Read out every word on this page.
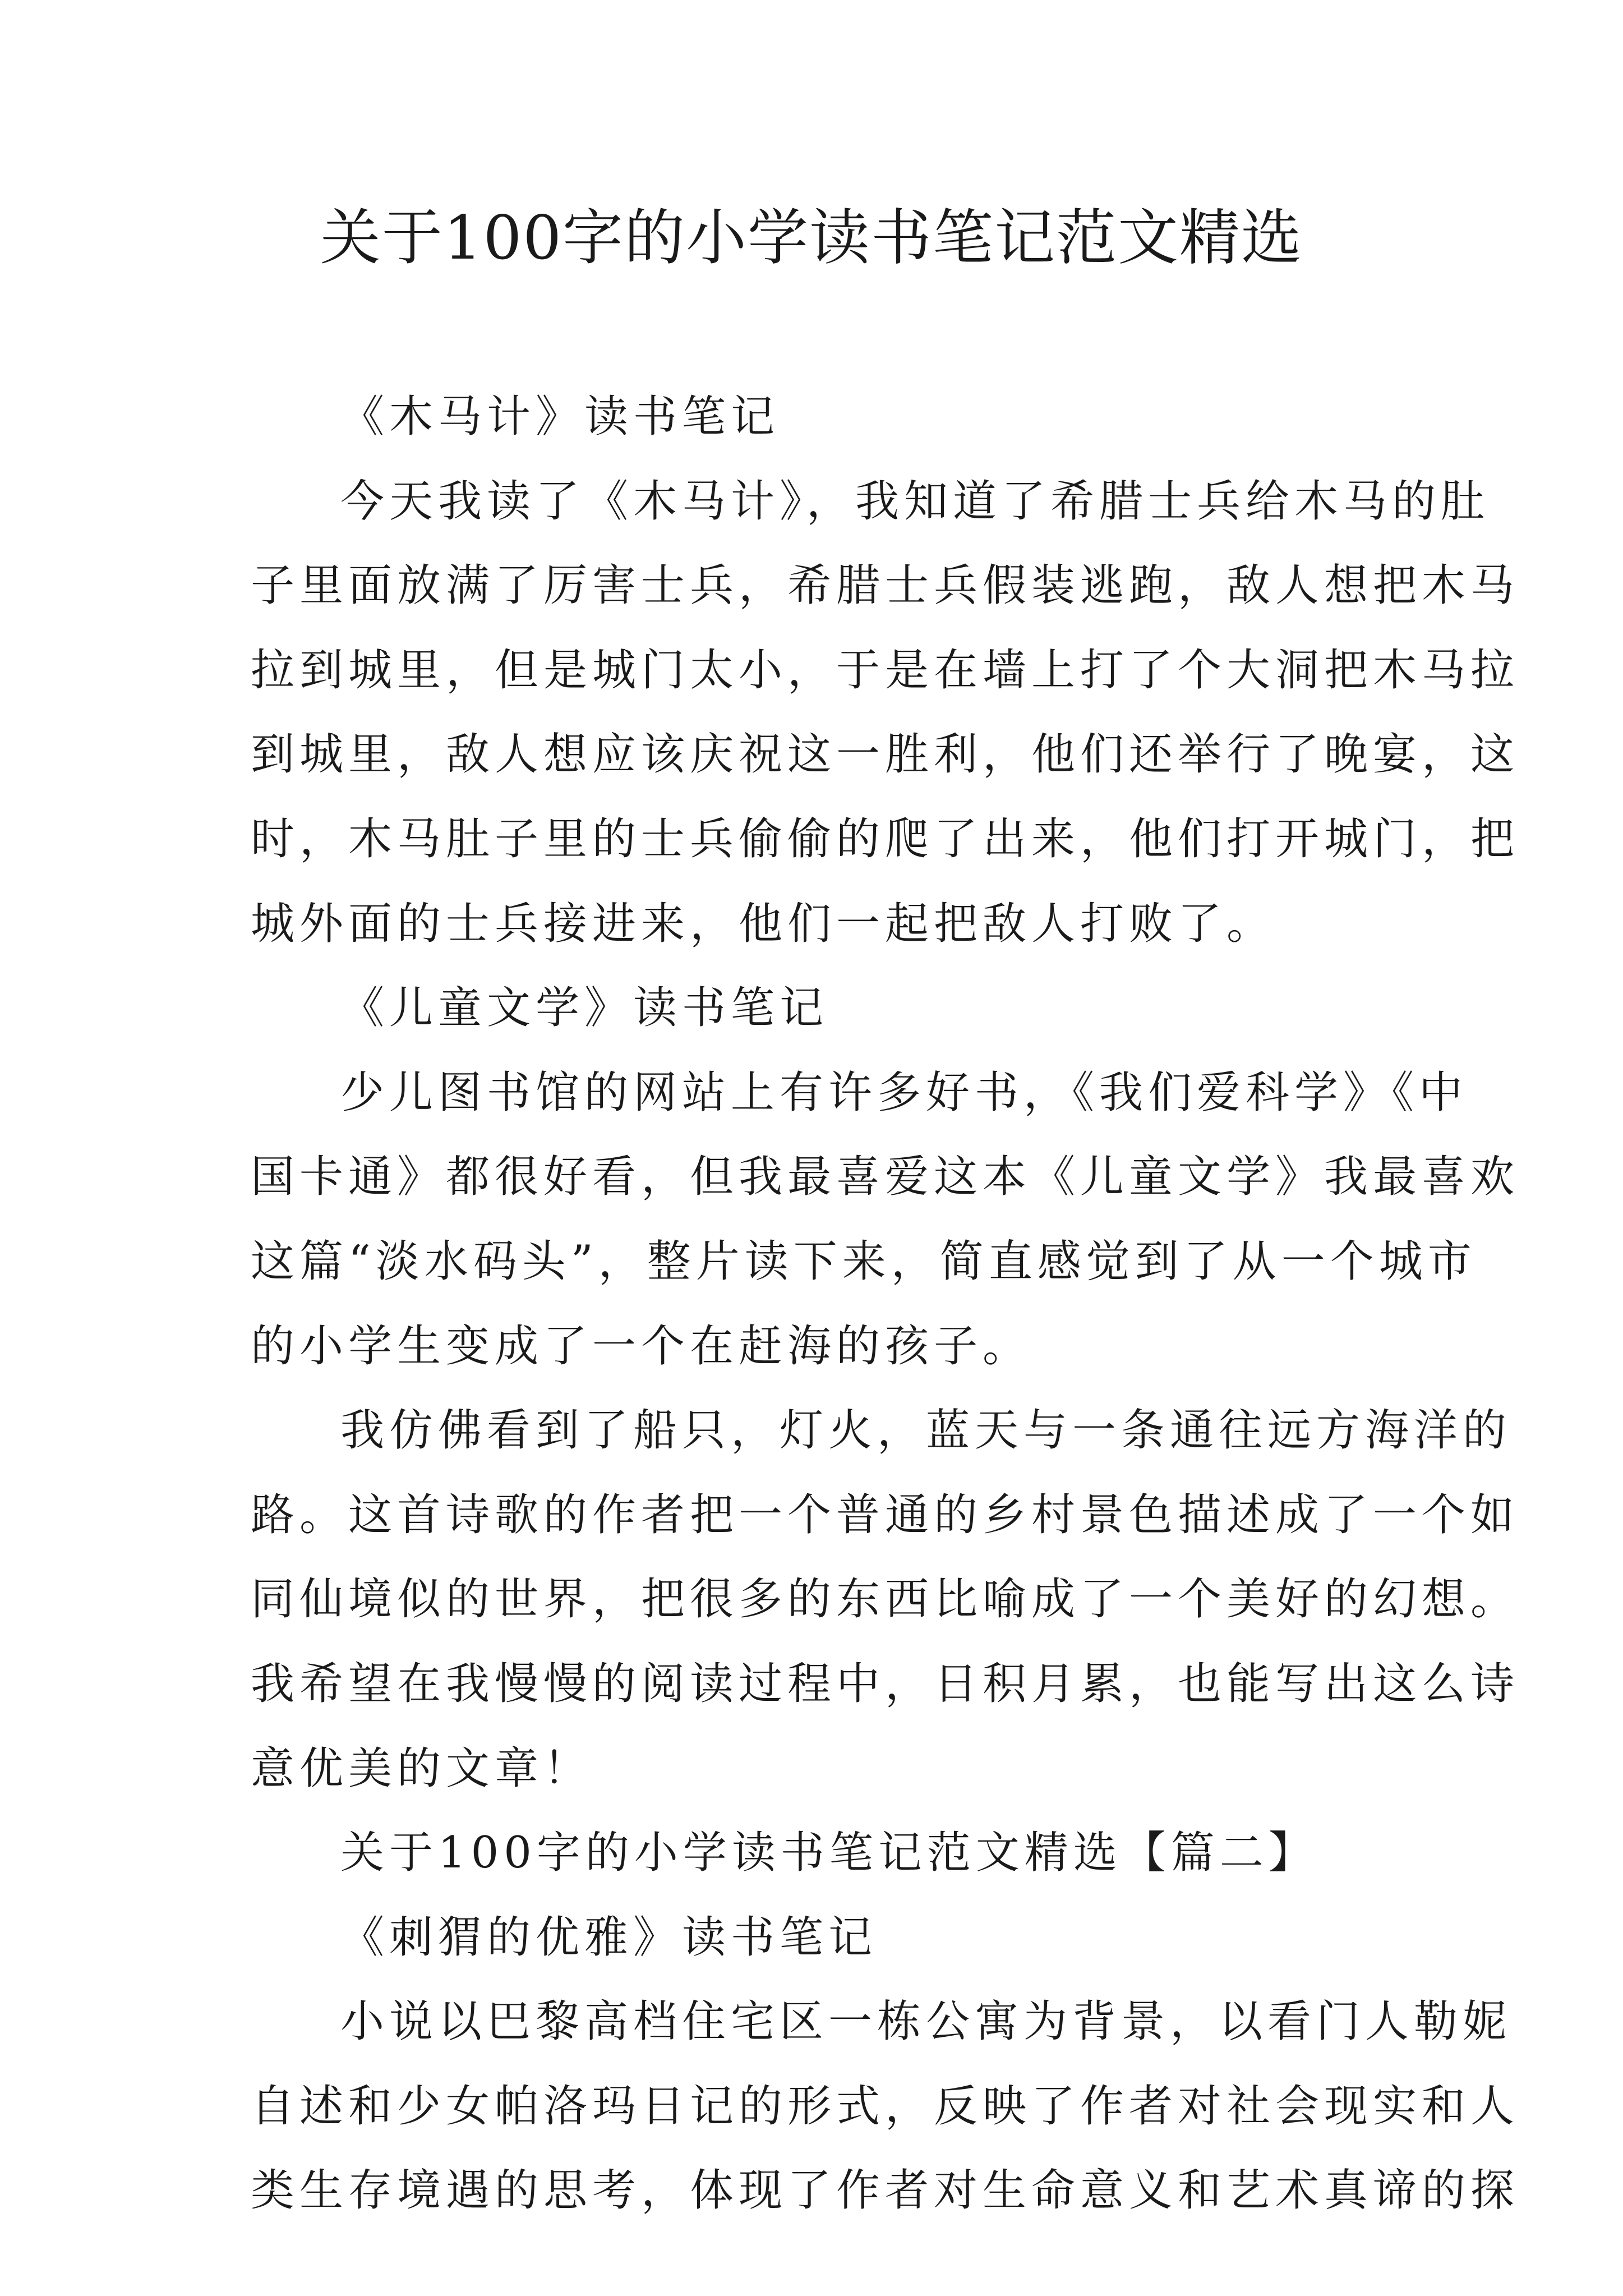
关于100字的小学读书笔记范文精选
《木马计》读书笔记
今天我读了《木马计》，我知道了希腊士兵给木马的肚
子里面放满了厉害士兵，希腊士兵假装逃跑，敌人想把木马
拉到城里，但是城门太小，于是在墙上打了个大洞把木马拉
到城里，敌人想应该庆祝这一胜利，他们还举行了晚宴，这
时，木马肚子里的士兵偷偷的爬了出来，他们打开城门，把
城外面的士兵接进来，他们一起把敌人打败了。
《儿童文学》读书笔记
少儿图书馆的网站上有许多好书，《我们爱科学》《中
国卡通》都很好看，但我最喜爱这本《儿童文学》我最喜欢
这篇“淡水码头”，整片读下来，简直感觉到了从一个城市
的小学生变成了一个在赶海的孩子。
我仿佛看到了船只，灯火，蓝天与一条通往远方海洋的
路。这首诗歌的作者把一个普通的乡村景色描述成了一个如
同仙境似的世界，把很多的东西比喻成了一个美好的幻想。
我希望在我慢慢的阅读过程中，日积月累，也能写出这么诗
意优美的文章！
关于100字的小学读书笔记范文精选【篇二】
《刺猬的优雅》读书笔记
小说以巴黎高档住宅区一栋公寓为背景，以看门人勒妮
自述和少女帕洛玛日记的形式，反映了作者对社会现实和人
类生存境遇的思考，体现了作者对生命意义和艺术真谛的探
